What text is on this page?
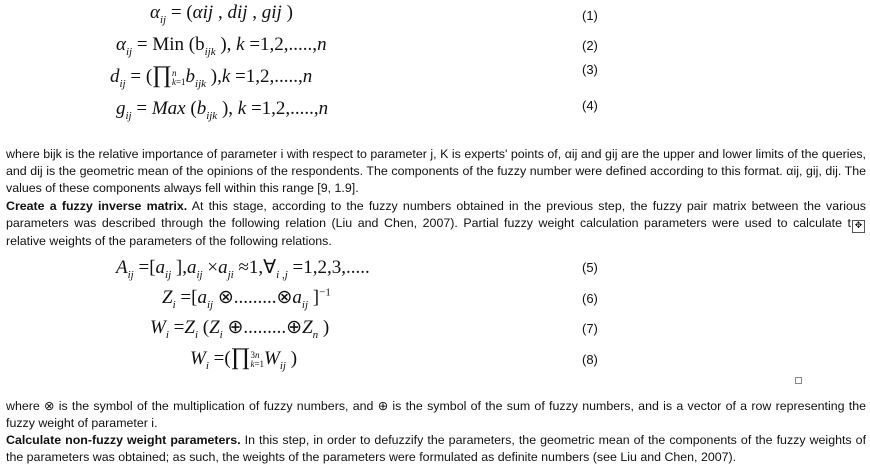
$\alpha_{ij} = (\alpha ij$ , dij , gij )	(1)
$\alpha_{ij}$ = Min ($b_{ijk}$ ), k =1,2,.....,n	(2)
$d_{ij}$ = (∏n
$k=1b_{ijk}$ ),k =1,2,.....,n	(3)
$g_{ij}$ = Max ($b_{ijk}$ ), k =1,2,.....,n	(4)
where bijk is the relative importance of parameter i with respect to parameter j, K is experts' points of, αij and gij are the upper and lower limits of the queries, and dij is the geometric mean of the opinions of the respondents. The components of the fuzzy number were defined according to this format. αij, gij, dij. The values of these components always fell within this range [9, 1.9].
Create a fuzzy inverse matrix. At this stage, according to the fuzzy numbers obtained in the previous step, the fuzzy pair matrix between the various parameters was described through the following relation (Liu and Chen, 2007). Partial fuzzy weight calculation parameters were used to calculate t ✥ relative weights of the parameters of the following relations.
$A_{ij} =[a_{ij}$ ]$,a_{ij} \times a_{ji}$ $\approx 1,\forall_{i ,j} =1,2,3$,.....	(5)
$Z_i =[a_{ij}$ $\otimes.........\otimes a_{ij}$ ]$^{-1}$	(6)
$W_i =Z_i$ ($Z_i$ $\oplus.........\oplus Z_n$ )	(7)
$W_i$ =(∏3n
$k=1W_{ij}$ )	(8)
where ⊗ is the symbol of the multiplication of fuzzy numbers, and ⊕ is the symbol of the sum of fuzzy numbers, and is a vector of a row representing the fuzzy weight of parameter i.
Calculate non-fuzzy weight parameters. In this step, in order to defuzzify the parameters, the geometric mean of the components of the fuzzy weights of the parameters was obtained; as such, the weights of the parameters were formulated as definite numbers (see Liu and Chen, 2007).
